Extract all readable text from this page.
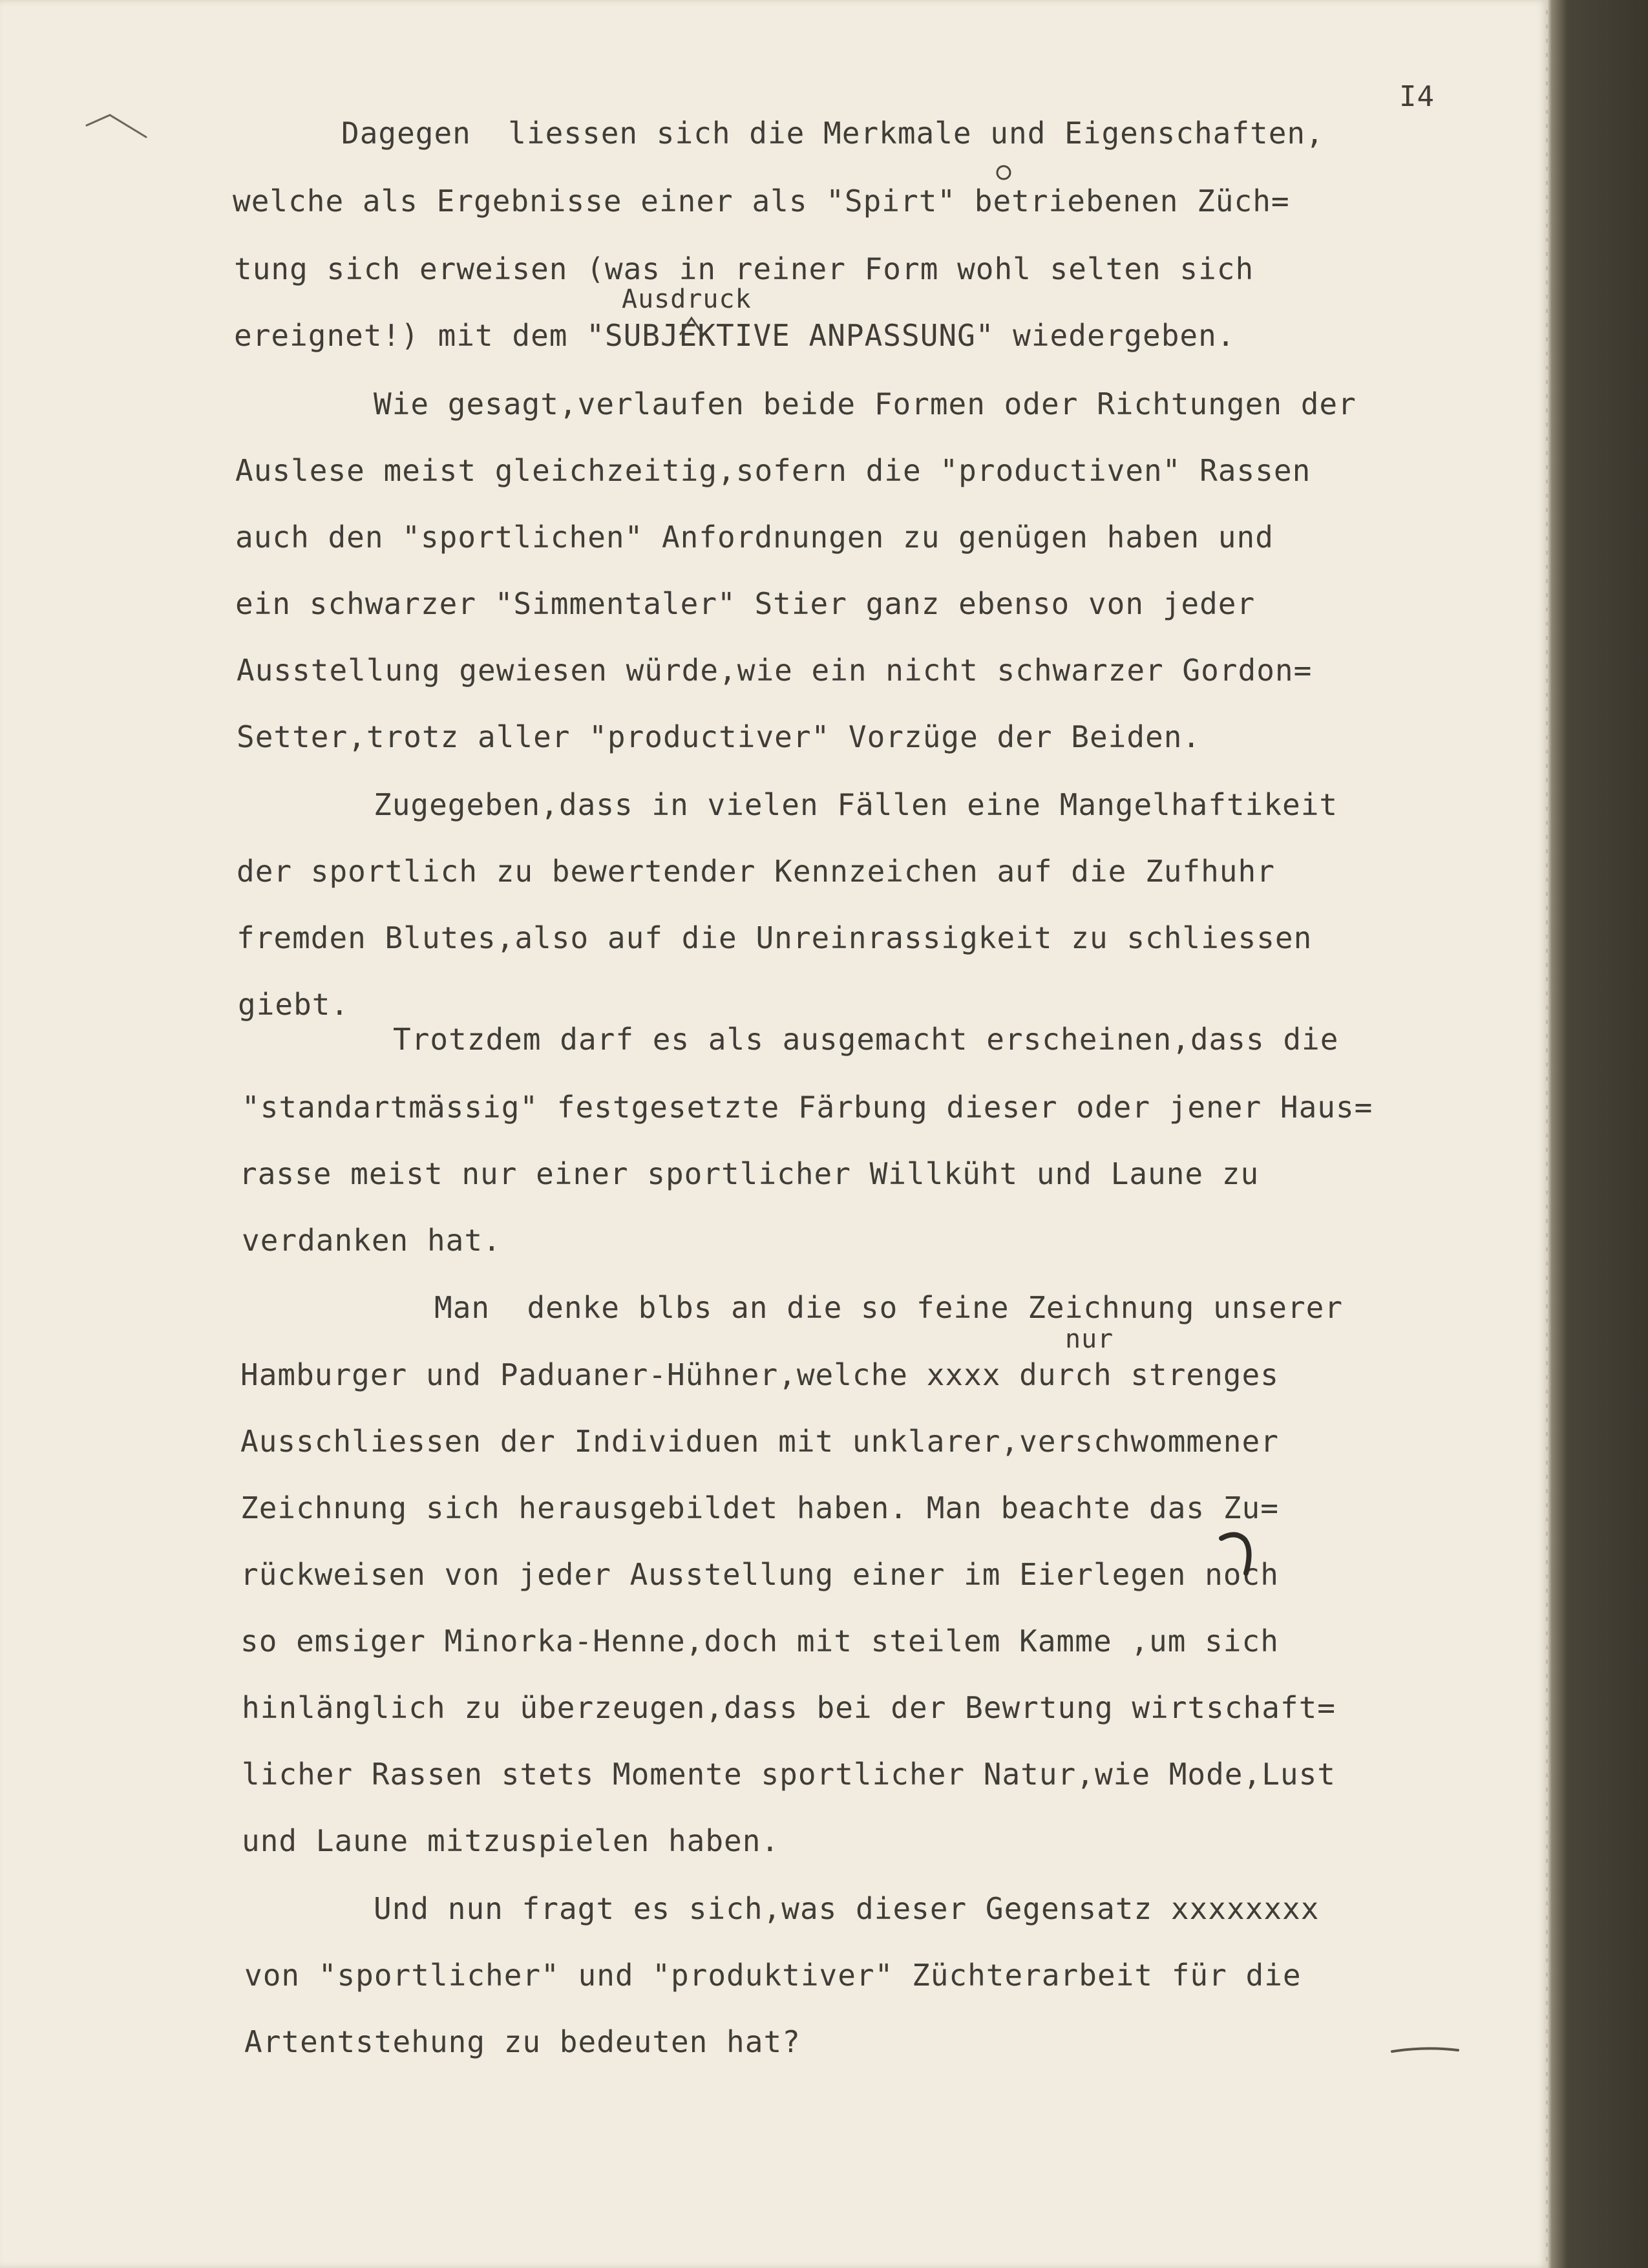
I4
Dagegen  liessen sich die Merkmale und Eigenschaften,
welche als Ergebnisse einer als "Spirt" betriebenen Züch=
tung sich erweisen (was in reiner Form wohl selten sich
Ausdruck
ereignet!) mit dem "SUBJEKTIVE ANPASSUNG" wiedergeben.
Wie gesagt,verlaufen beide Formen oder Richtungen der
Auslese meist gleichzeitig,sofern die "productiven" Rassen
auch den "sportlichen" Anfordnungen zu genügen haben und
ein schwarzer "Simmentaler" Stier ganz ebenso von jeder
Ausstellung gewiesen würde,wie ein nicht schwarzer Gordon=
Setter,trotz aller "productiver" Vorzüge der Beiden.
Zugegeben,dass in vielen Fällen eine Mangelhaftikeit
der sportlich zu bewertender Kennzeichen auf die Zufhuhr
fremden Blutes,also auf die Unreinrassigkeit zu schliessen
giebt.
Trotzdem darf es als ausgemacht erscheinen,dass die
"standartmässig" festgesetzte Färbung dieser oder jener Haus=
rasse meist nur einer sportlicher Willküht und Laune zu
verdanken hat.
Man  denke blbs an die so feine Zeichnung unserer
nur
Hamburger und Paduaner-Hühner,welche xxxx durch strenges
Ausschliessen der Individuen mit unklarer,verschwommener
Zeichnung sich herausgebildet haben. Man beachte das Zu=
rückweisen von jeder Ausstellung einer im Eierlegen noch
so emsiger Minorka-Henne,doch mit steilem Kamme ,um sich
hinlänglich zu überzeugen,dass bei der Bewrtung wirtschaft=
licher Rassen stets Momente sportlicher Natur,wie Mode,Lust
und Laune mitzuspielen haben.
Und nun fragt es sich,was dieser Gegensatz xxxxxxxx
von "sportlicher" und "produktiver" Züchterarbeit für die
Artentstehung zu bedeuten hat?
